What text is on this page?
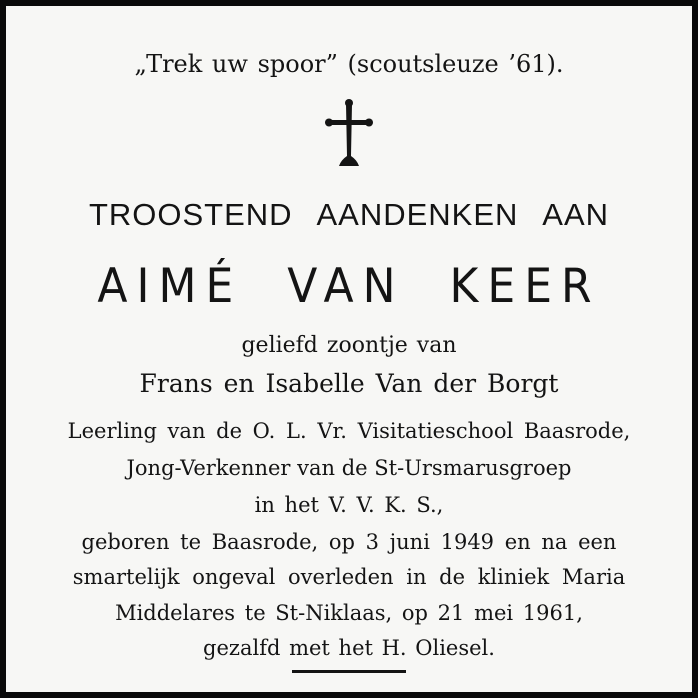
„Trek uw spoor” (scoutsleuze ’61).

TROOSTEND AANDENKEN AAN

AIMÉ VAN KEER

geliefd zoontje van

Frans en Isabelle Van der Borgt

Leerling van de O. L. Vr. Visitatieschool Baasrode,

Jong-Verkenner van de St-Ursmarusgroep

in het V. V. K. S.,

geboren te Baasrode, op 3 juni 1949 en na een

smartelijk ongeval overleden in de kliniek Maria

Middelares te St-Niklaas, op 21 mei 1961,

gezalfd met het H. Oliesel.
